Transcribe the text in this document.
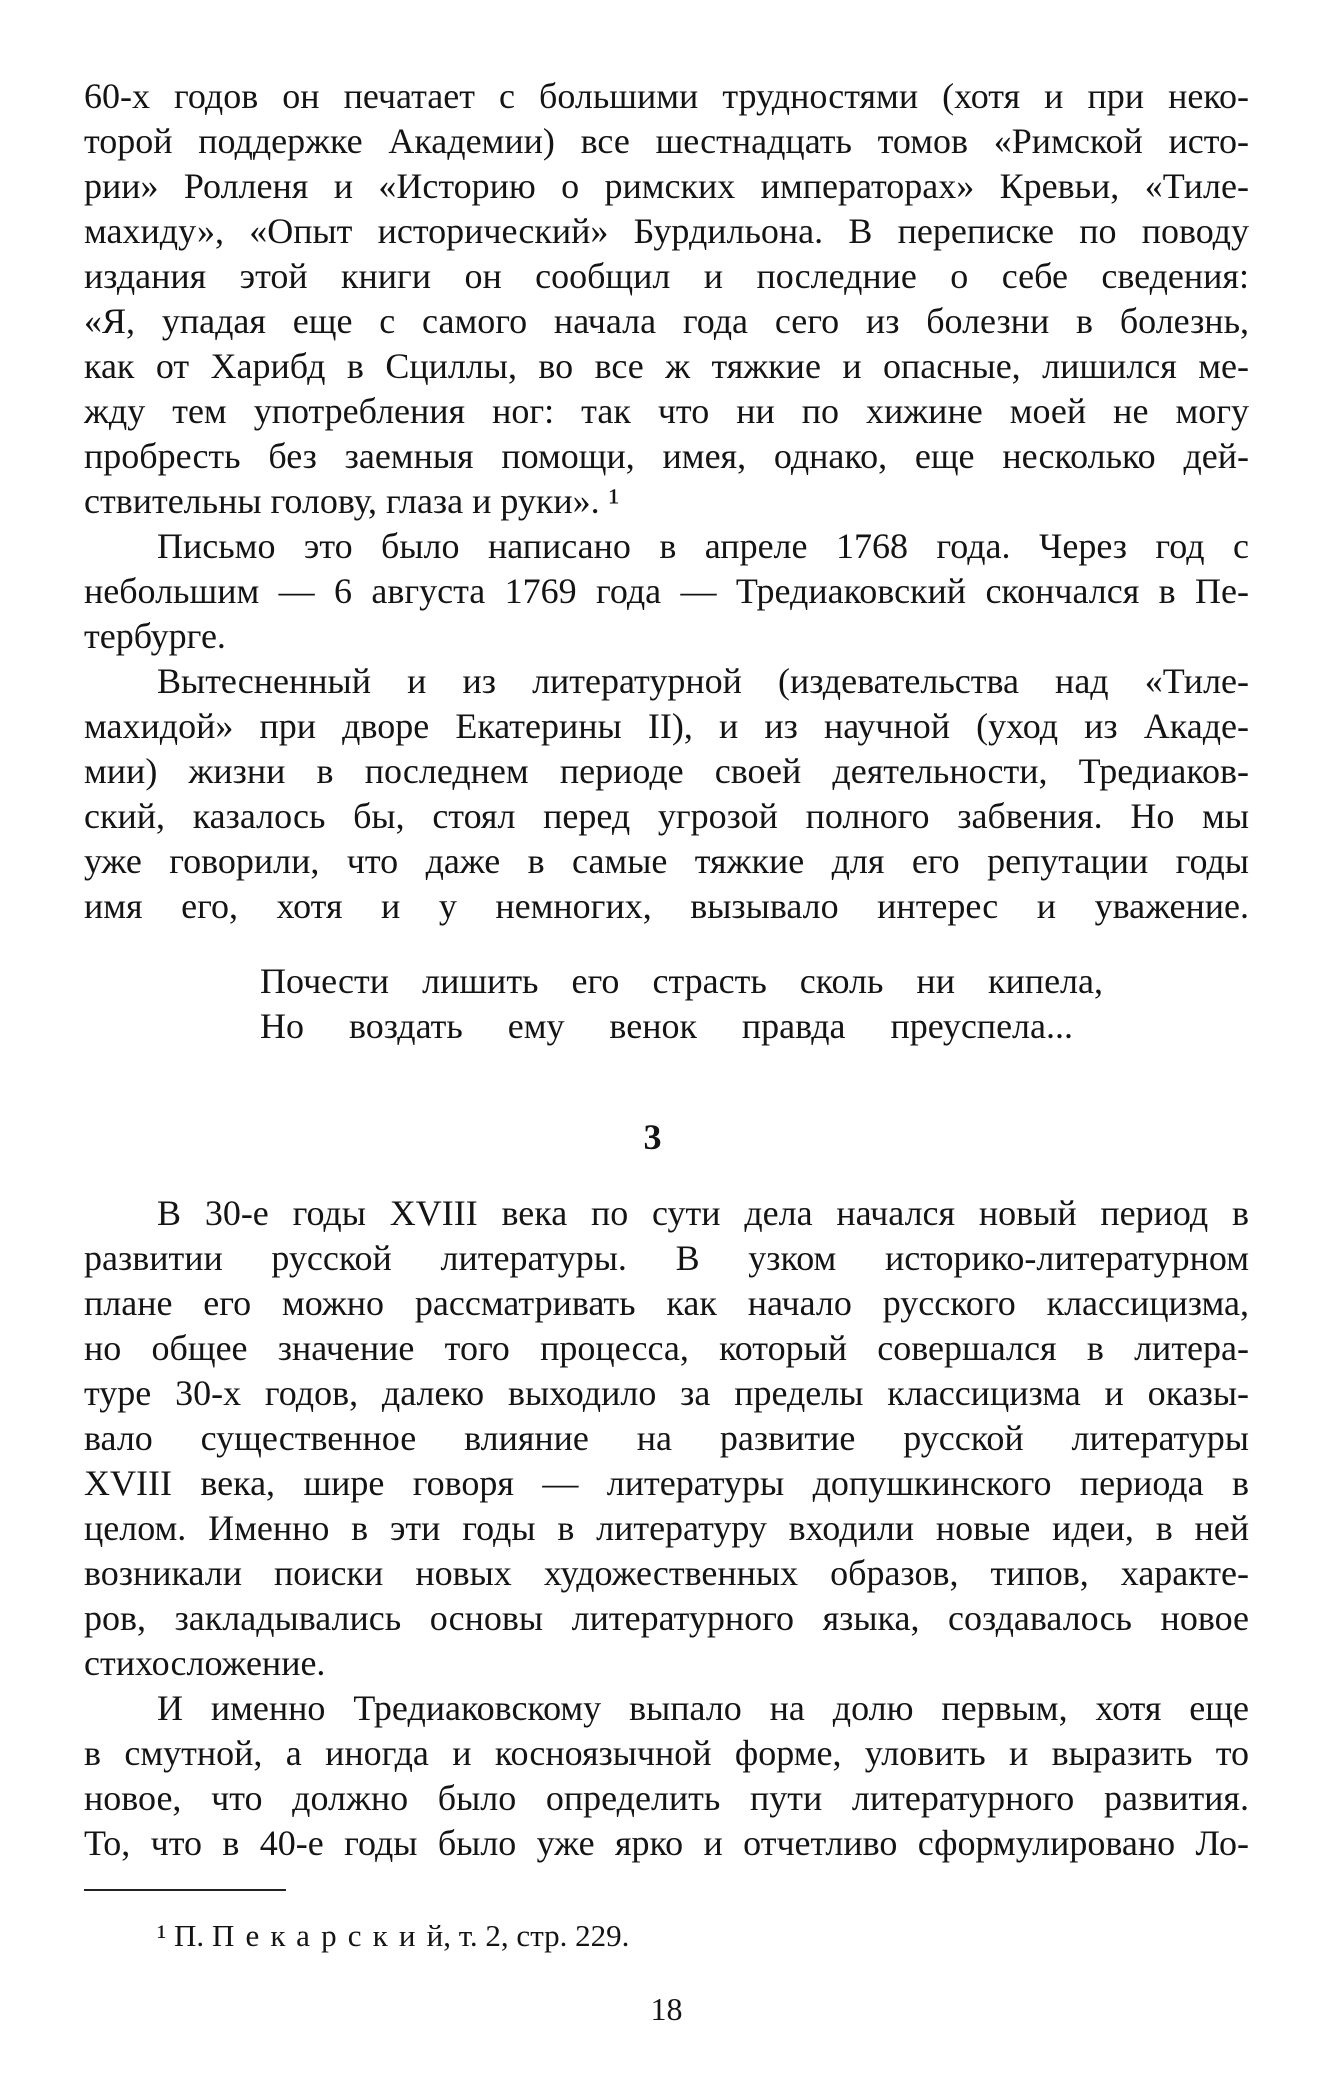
60-х годов он печатает с большими трудностями (хотя и при неко-
торой поддержке Академии) все шестнадцать томов «Римской исто-
рии» Ролленя и «Историю о римских императорах» Кревьи, «Тиле-
махиду», «Опыт исторический» Бурдильона. В переписке по поводу
издания этой книги он сообщил и последние о себе сведения:
«Я, упадая еще с самого начала года сего из болезни в болезнь,
как от Харибд в Сциллы, во все ж тяжкие и опасные, лишился ме-
жду тем употребления ног: так что ни по хижине моей не могу
пробресть без заемныя помощи, имея, однако, еще несколько дей-
ствительны голову, глаза и руки». ¹
Письмо это было написано в апреле 1768 года. Через год с
небольшим — 6 августа 1769 года — Тредиаковский скончался в Пе-
тербурге.
Вытесненный и из литературной (издевательства над «Тиле-
махидой» при дворе Екатерины II), и из научной (уход из Акаде-
мии) жизни в последнем периоде своей деятельности, Тредиаков-
ский, казалось бы, стоял перед угрозой полного забвения. Но мы
уже говорили, что даже в самые тяжкие для его репутации годы
имя его, хотя и у немногих, вызывало интерес и уважение.
Почести лишить его страсть сколь ни кипела,
Но воздать ему венок правда преуспела...
3
В 30-е годы XVIII века по сути дела начался новый период в
развитии русской литературы. В узком историко-литературном
плане его можно рассматривать как начало русского классицизма,
но общее значение того процесса, который совершался в литера-
туре 30-х годов, далеко выходило за пределы классицизма и оказы-
вало существенное влияние на развитие русской литературы
XVIII века, шире говоря — литературы допушкинского периода в
целом. Именно в эти годы в литературу входили новые идеи, в ней
возникали поиски новых художественных образов, типов, характе-
ров, закладывались основы литературного языка, создавалось новое
стихосложение.
И именно Тредиаковскому выпало на долю первым, хотя еще
в смутной, а иногда и косноязычной форме, уловить и выразить то
новое, что должно было определить пути литературного развития.
То, что в 40-е годы было уже ярко и отчетливо сформулировано Ло-
¹ П. Пекарский, т. 2, стр. 229.
18
